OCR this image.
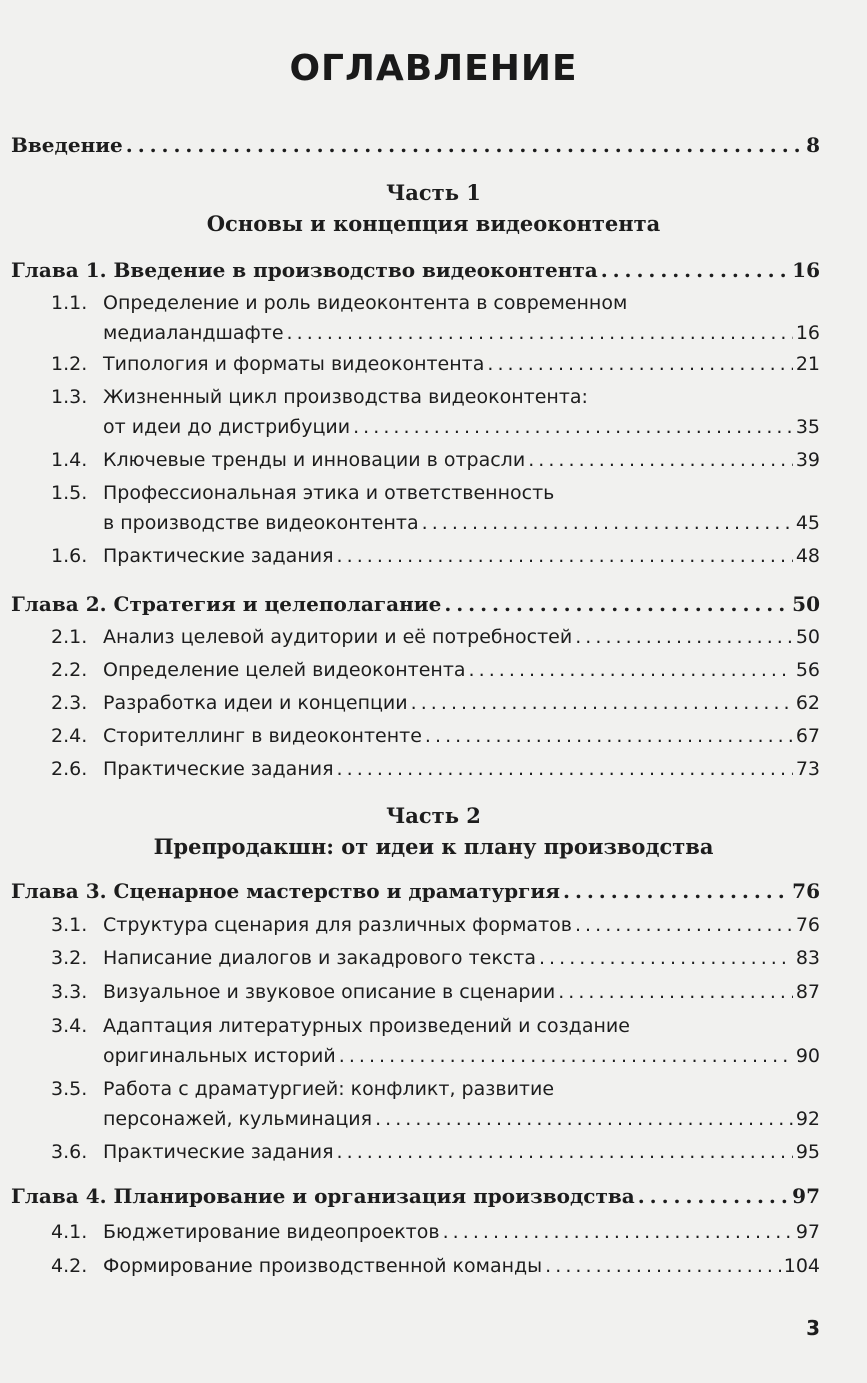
ОГЛАВЛЕНИЕ
Введение . . .	8
Часть 1
Основы и концепция видеоконтента
Глава 1. Введение в производство видеоконтента . . .	16
1.1. Определение и роль видеоконтента в современном
медиаландшафте . . .	16
1.2. Типология и форматы видеоконтента . . .	21
1.3. Жизненный цикл производства видеоконтента:
от идеи до дистрибуции . . .	35
1.4. Ключевые тренды и инновации в отрасли . . .	39
1.5. Профессиональная этика и ответственность
в производстве видеоконтента . . .	45
1.6. Практические задания . . .	48
Глава 2. Стратегия и целеполагание . . .	50
2.1. Анализ целевой аудитории и её потребностей . . .	50
2.2. Определение целей видеоконтента . . .	56
2.3. Разработка идеи и концепции . . .	62
2.4. Сторителлинг в видеоконтенте . . .	67
2.6. Практические задания . . .	73
Часть 2
Препродакшн: от идеи к плану производства
Глава 3. Сценарное мастерство и драматургия . . .	76
3.1. Структура сценария для различных форматов . . .	76
3.2. Написание диалогов и закадрового текста . . .	83
3.3. Визуальное и звуковое описание в сценарии . . .	87
3.4. Адаптация литературных произведений и создание
оригинальных историй . . .	90
3.5. Работа с драматургией: конфликт, развитие
персонажей, кульминация . . .	92
3.6. Практические задания . . .	95
Глава 4. Планирование и организация производства . . .	97
4.1. Бюджетирование видеопроектов . . .	97
4.2. Формирование производственной команды . . .	104
3
